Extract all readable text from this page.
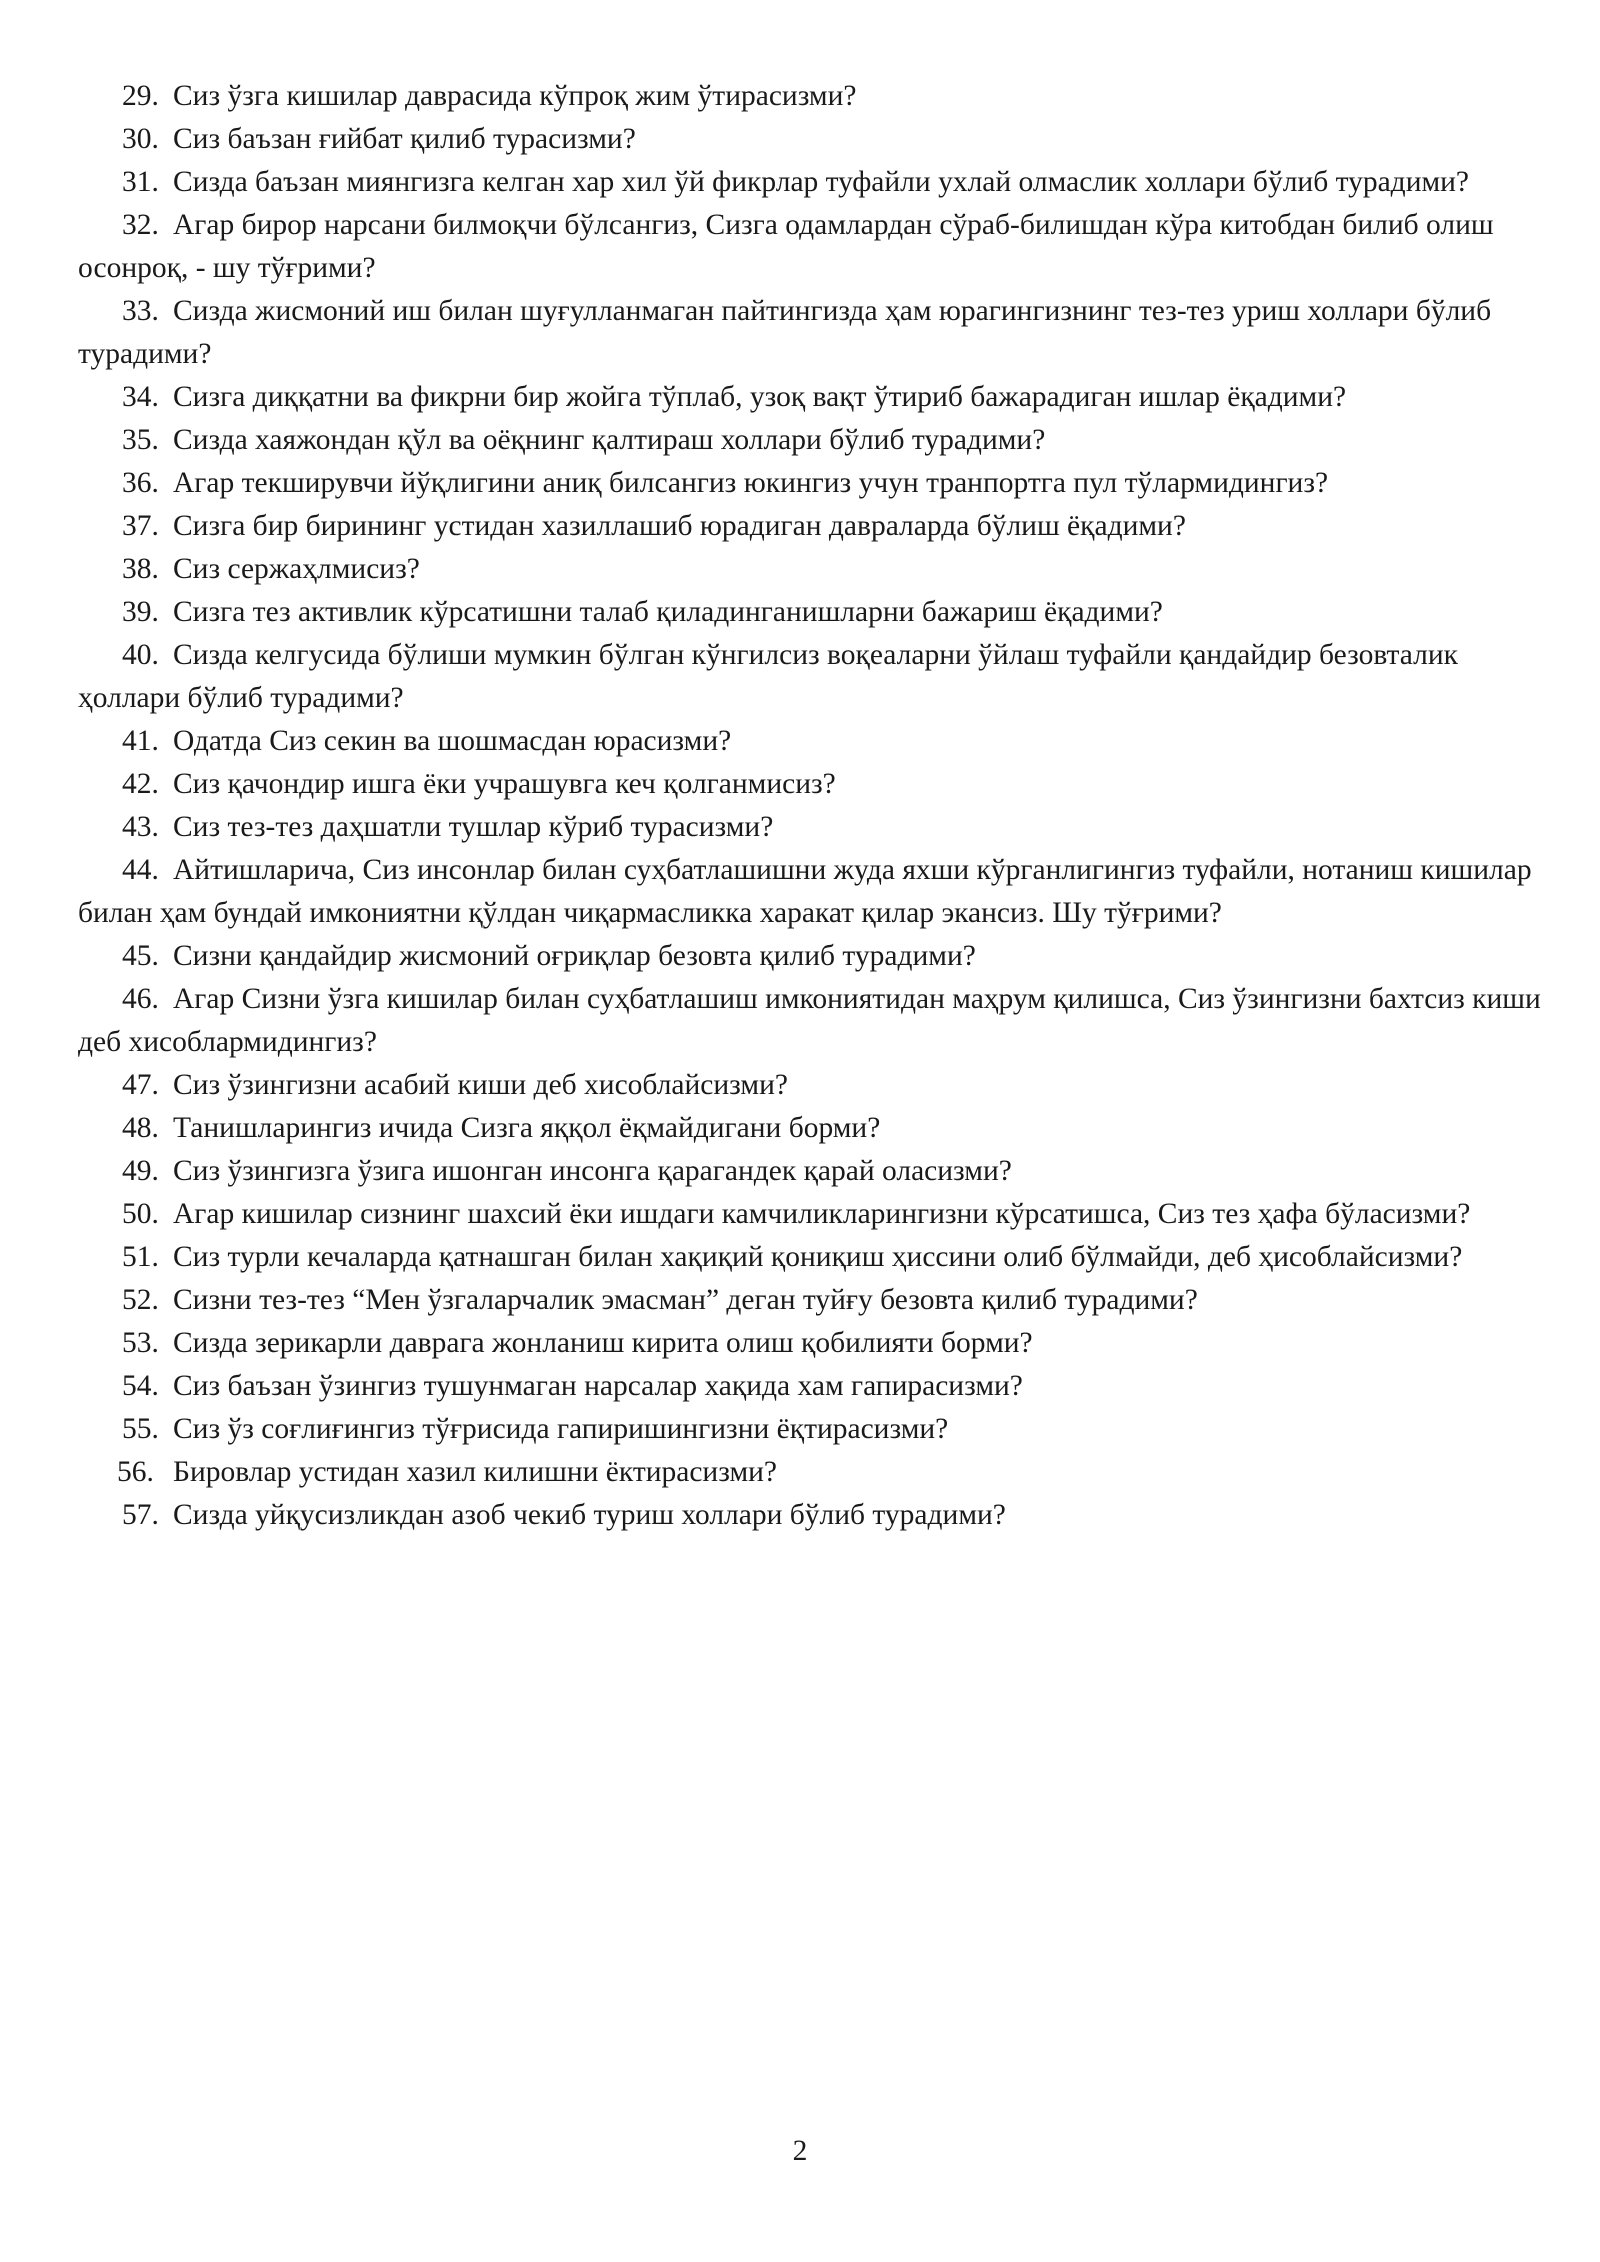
29. Сиз ўзга кишилар даврасида кўпроқ жим ўтирасизми?

30. Сиз баъзан ғийбат қилиб турасизми?

31. Сизда баъзан миянгизга келган хар хил ўй фикрлар туфайли ухлай олмаслик холлари бўлиб турадими?

32. Агар бирор нарсани билмоқчи бўлсангиз, Сизга одамлардан сўраб-билишдан кўра китобдан билиб олиш осонроқ, - шу тўғрими?

33. Сизда жисмоний иш билан шуғулланмаган пайтингизда ҳам юрагингизнинг тез-тез уриш холлари бўлиб турадими?

34. Сизга диққатни ва фикрни бир жойга тўплаб, узоқ вақт ўтириб бажарадиган ишлар ёқадими?

35. Сизда хаяжондан қўл ва оёқнинг қалтираш холлари бўлиб турадими?

36. Агар текширувчи йўқлигини аниқ билсангиз юкингиз учун транпортга пул тўлармидингиз?

37. Сизга бир бирининг устидан хазиллашиб юрадиган давраларда бўлиш ёқадими?

38. Сиз сержаҳлмисиз?

39. Сизга тез активлик кўрсатишни талаб қиладинганишларни бажариш ёқадими?

40. Сизда келгусида бўлиши мумкин бўлган кўнгилсиз воқеаларни ўйлаш туфайли қандайдир безовталик ҳоллари бўлиб турадими?

41. Одатда Сиз секин ва шошмасдан юрасизми?

42. Сиз қачондир ишга ёки учрашувга кеч қолганмисиз?

43. Сиз тез-тез даҳшатли тушлар кўриб турасизми?

44. Айтишларича, Сиз инсонлар билан суҳбатлашишни жуда яхши кўрганлигингиз туфайли, нотаниш кишилар билан ҳам бундай имкониятни қўлдан чиқармасликка харакат қилар экансиз. Шу тўғрими?

45. Сизни қандайдир жисмоний оғриқлар безовта қилиб турадими?

46. Агар Сизни ўзга кишилар билан суҳбатлашиш имкониятидан маҳрум қилишса, Сиз ўзингизни бахтсиз киши деб хисоблармидингиз?

47. Сиз ўзингизни асабий киши деб хисоблайсизми?

48. Танишларингиз ичида Сизга яққол ёқмайдигани борми?

49. Сиз ўзингизга ўзига ишонган инсонга қарагандек қарай оласизми?

50. Агар кишилар сизнинг шахсий ёки ишдаги камчиликларингизни кўрсатишса, Сиз тез ҳафа бўласизми?

51. Сиз турли кечаларда қатнашган билан хақиқий қониқиш ҳиссини олиб бўлмайди, деб ҳисоблайсизми?

52. Сизни тез-тез “Мен ўзгаларчалик эмасман” деган туйғу безовта қилиб турадими?

53. Сизда зерикарли даврага жонланиш кирита олиш қобилияти борми?

54. Сиз баъзан ўзингиз тушунмаган нарсалар хақида хам гапирасизми?

55. Сиз ўз соғлиғингиз тўғрисида гапиришингизни ёқтирасизми?

56. Бировлар устидан хазил килишни ёктирасизми?

57. Сизда уйқусизликдан азоб чекиб туриш холлари бўлиб турадими?

2
